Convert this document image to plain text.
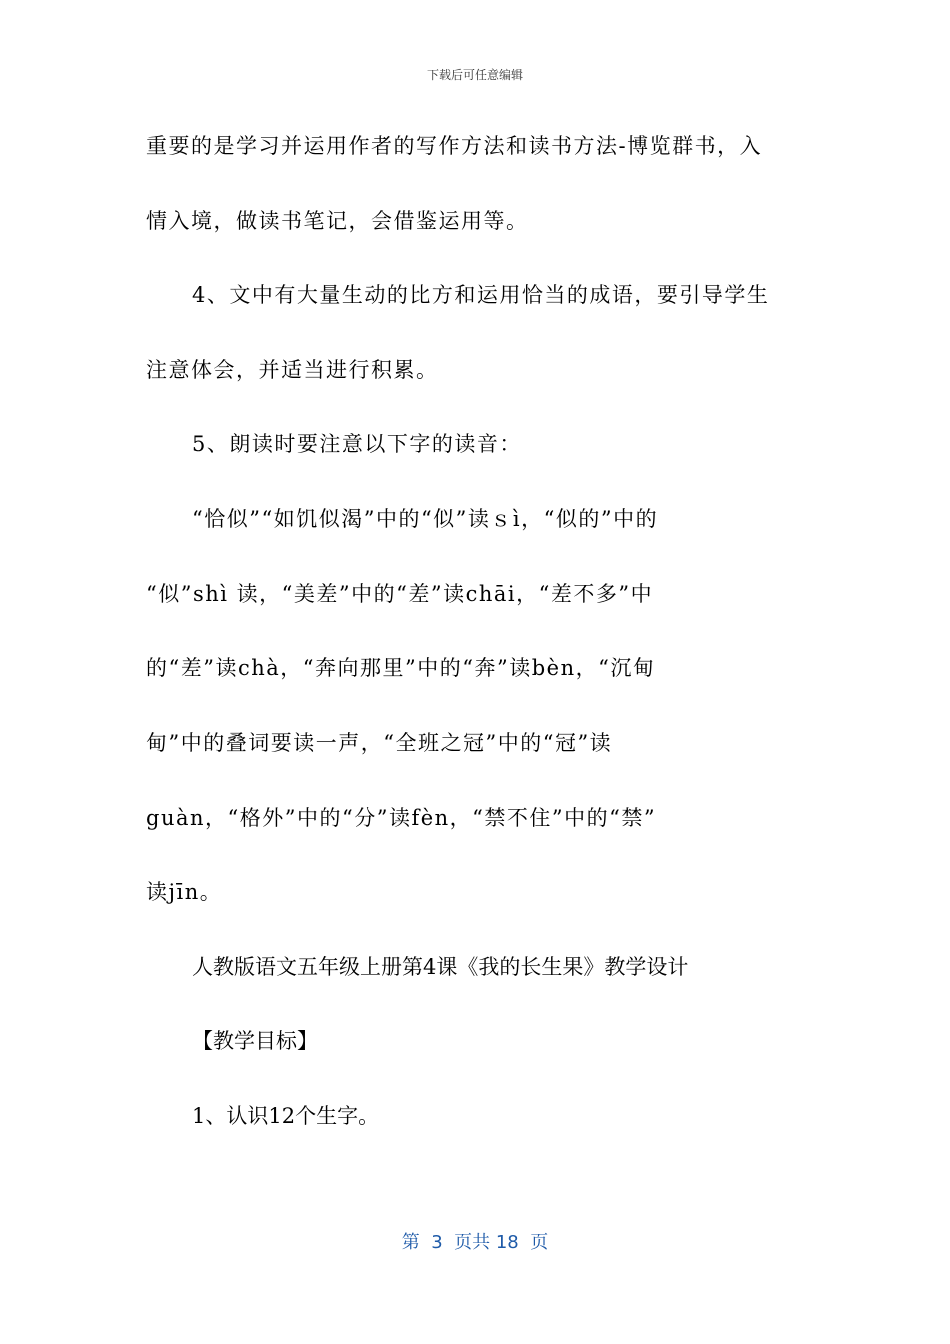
下载后可任意编辑
重要的是学习并运用作者的写作方法和读书方法-博览群书，入
情入境，做读书笔记，会借鉴运用等。
4、文中有大量生动的比方和运用恰当的成语，要引导学生
注意体会，并适当进行积累。
5、朗读时要注意以下字的读音：
“恰似”“如饥似渴”中的“似”读ｓì，“似的”中的
“似”shì 读，“美差”中的“差”读chāi，“差不多”中
的“差”读chà，“奔向那里”中的“奔”读bèn，“沉甸
甸”中的叠词要读一声，“全班之冠”中的“冠”读
guàn，“格外”中的“分”读fèn，“禁不住”中的“禁”
读jīn。
人教版语文五年级上册第4课《我的长生果》教学设计
【教学目标】
1、认识12个生字。
第  3  页共 18  页
